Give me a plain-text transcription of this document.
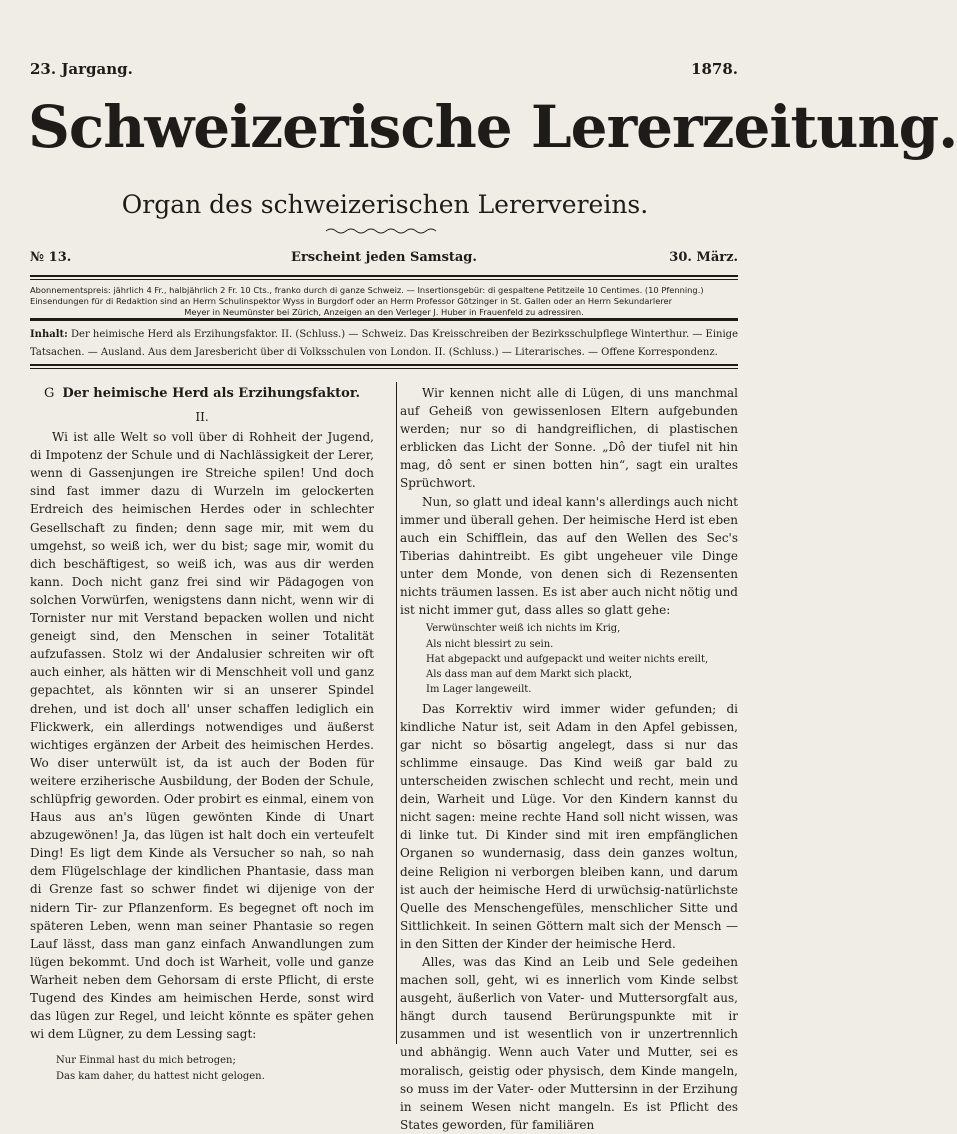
23. Jargang.	1878.
Schweizerische Lererzeitung.
Organ des schweizerischen Lerervereins.
№ 13.	Erscheint jeden Samstag.	30. März.
Abonnementspreis: jährlich 4 Fr., halbjährlich 2 Fr. 10 Cts., franko durch di ganze Schweiz. — Insertionsgebür: di gespaltene Petitzeile 10 Centimes. (10 Pfenning.)
Einsendungen für di Redaktion sind an Herrn Schulinspektor Wyss in Burgdorf oder an Herrn Professor Götzinger in St. Gallen oder an Herrn Sekundarlerer
Meyer in Neumünster bei Zürich, Anzeigen an den Verleger J. Huber in Frauenfeld zu adressiren.
Inhalt: Der heimische Herd als Erzihungsfaktor. II. (Schluss.) — Schweiz. Das Kreisschreiben der Bezirksschulpflege Winterthur. — Einige Tatsachen. — Ausland. Aus dem Jaresbericht über di Volksschulen von London. II. (Schluss.) — Literarisches. — Offene Korrespondenz.
G Der heimische Herd als Erzihungsfaktor.
II.

Wi ist alle Welt so voll über di Rohheit der Jugend, di Impotenz der Schule und di Nachlässigkeit der Lerer, wenn di Gassenjungen ire Streiche spilen! Und doch sind fast immer dazu di Wurzeln im gelockerten Erdreich des heimischen Herdes oder in schlechter Gesellschaft zu finden; denn sage mir, mit wem du umgehst, so weiß ich, wer du bist; sage mir, womit du dich beschäftigest, so weiß ich, was aus dir werden kann. Doch nicht ganz frei sind wir Pädagogen von solchen Vorwürfen, wenigstens dann nicht, wenn wir di Tornister nur mit Verstand bepacken wollen und nicht geneigt sind, den Menschen in seiner Totalität aufzufassen. Stolz wi der Andalusier schreiten wir oft auch einher, als hätten wir di Menschheit voll und ganz gepachtet, als könnten wir si an unserer Spindel drehen, und ist doch all' unser schaffen lediglich ein Flickwerk, ein allerdings notwendiges und äußerst wichtiges ergänzen der Arbeit des heimischen Herdes. Wo diser unterwült ist, da ist auch der Boden für weitere erziherische Ausbildung, der Boden der Schule, schlüpfrig geworden. Oder probirt es einmal, einem von Haus aus an's lügen gewönten Kinde di Unart abzugewönen! Ja, das lügen ist halt doch ein verteufelt Ding! Es ligt dem Kinde als Versucher so nah, so nah dem Flügelschlage der kindlichen Phantasie, dass man di Grenze fast so schwer findet wi dijenige von der nidern Tir- zur Pflanzenform. Es begegnet oft noch im späteren Leben, wenn man seiner Phantasie so regen Lauf lässt, dass man ganz einfach Anwandlungen zum lügen bekommt. Und doch ist Warheit, volle und ganze Warheit neben dem Gehorsam di erste Pflicht, di erste Tugend des Kindes am heimischen Herde, sonst wird das lügen zur Regel, und leicht könnte es später gehen wi dem Lügner, zu dem Lessing sagt:

Nur Einmal hast du mich betrogen;
Das kam daher, du hattest nicht gelogen.

Wir kennen nicht alle di Lügen, di uns manchmal auf Geheiß von gewissenlosen Eltern aufgebunden werden; nur so di handgreiflichen, di plastischen erblicken das Licht der Sonne. „Dô der tiufel nit hin mag, dô sent er sinen botten hin“, sagt ein uraltes Sprüchwort.

Nun, so glatt und ideal kann's allerdings auch nicht immer und überall gehen. Der heimische Herd ist eben auch ein Schifflein, das auf den Wellen des Sec's Tiberias dahintreibt. Es gibt ungeheuer vile Dinge unter dem Monde, von denen sich di Rezensenten nichts träumen lassen. Es ist aber auch nicht nötig und ist nicht immer gut, dass alles so glatt gehe:

Verwünschter weiß ich nichts im Krig,
Als nicht blessirt zu sein.
Hat abgepackt und aufgepackt und weiter nichts ereilt,
Als dass man auf dem Markt sich plackt,
Im Lager langeweilt.

Das Korrektiv wird immer wider gefunden; di kindliche Natur ist, seit Adam in den Apfel gebissen, gar nicht so bösartig angelegt, dass si nur das schlimme einsauge. Das Kind weiß gar bald zu unterscheiden zwischen schlecht und recht, mein und dein, Warheit und Lüge. Vor den Kindern kannst du nicht sagen: meine rechte Hand soll nicht wissen, was di linke tut. Di Kinder sind mit iren empfänglichen Organen so wundernasig, dass dein ganzes woltun, deine Religion ni verborgen bleiben kann, und darum ist auch der heimische Herd di urwüchsig-natürlichste Quelle des Menschengefüles, menschlicher Sitte und Sittlichkeit. In seinen Göttern malt sich der Mensch — in den Sitten der Kinder der heimische Herd.

Alles, was das Kind an Leib und Sele gedeihen machen soll, geht, wi es innerlich vom Kinde selbst ausgeht, äußerlich von Vater- und Muttersorgfalt aus, hängt durch tausend Berürungspunkte mit ir zusammen und ist wesentlich von ir unzertrennlich und abhängig. Wenn auch Vater und Mutter, sei es moralisch, geistig oder physisch, dem Kinde mangeln, so muss im der Vater- oder Muttersinn in der Erzihung in seinem Wesen nicht mangeln. Es ist Pflicht des States geworden, für familiären
